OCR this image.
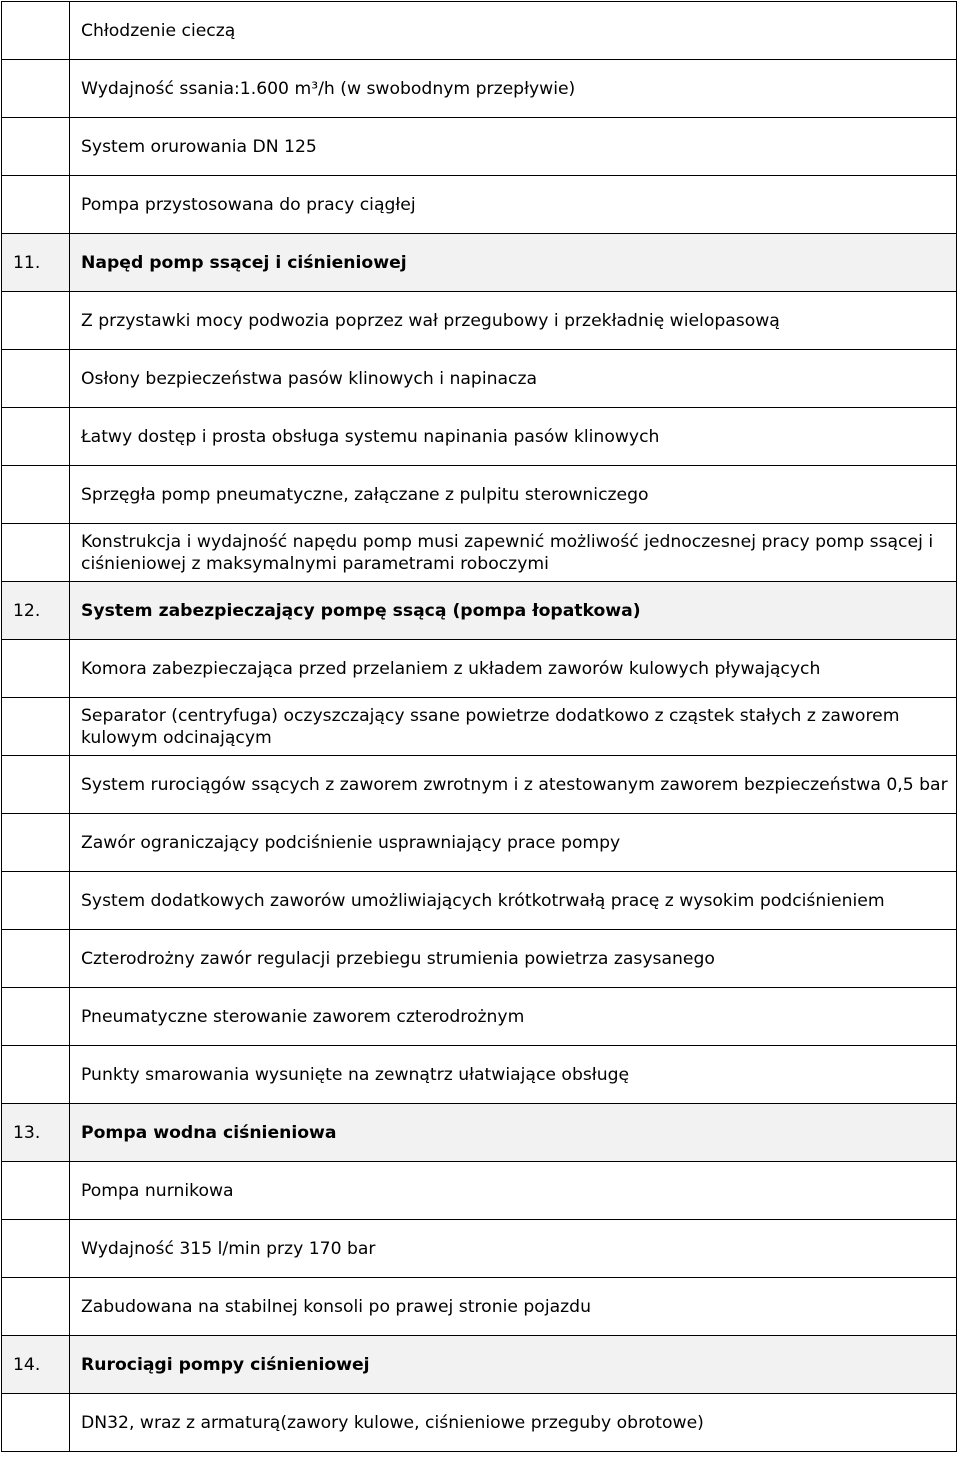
	Chłodzenie cieczą
	Wydajność ssania:1.600 m³/h (w swobodnym przepływie)
	System orurowania DN 125
	Pompa przystosowana do pracy ciągłej
11.	Napęd pomp ssącej i ciśnieniowej
	Z przystawki mocy podwozia poprzez wał przegubowy i przekładnię wielopasową
	Osłony bezpieczeństwa pasów klinowych i napinacza
	Łatwy dostęp i prosta obsługa systemu napinania pasów klinowych
	Sprzęgła pomp pneumatyczne, załączane z pulpitu sterowniczego
	Konstrukcja i wydajność napędu pomp musi zapewnić możliwość jednoczesnej pracy pomp ssącej i ciśnieniowej z maksymalnymi parametrami roboczymi
12.	System zabezpieczający pompę ssącą (pompa łopatkowa)
	Komora zabezpieczająca przed przelaniem z układem zaworów kulowych pływających
	Separator (centryfuga) oczyszczający ssane powietrze dodatkowo z cząstek stałych z zaworem kulowym odcinającym
	System rurociągów ssących z zaworem zwrotnym i z atestowanym zaworem bezpieczeństwa 0,5 bar
	Zawór ograniczający podciśnienie usprawniający prace pompy
	System dodatkowych zaworów umożliwiających krótkotrwałą pracę z wysokim podciśnieniem
	Czterodrożny zawór regulacji przebiegu strumienia powietrza zasysanego
	Pneumatyczne sterowanie zaworem czterodrożnym
	Punkty smarowania wysunięte na zewnątrz ułatwiające obsługę
13.	Pompa wodna ciśnieniowa
	Pompa nurnikowa
	Wydajność 315 l/min przy 170 bar
	Zabudowana na stabilnej konsoli po prawej stronie pojazdu
14.	Rurociągi pompy ciśnieniowej
	DN32, wraz z armaturą(zawory kulowe, ciśnieniowe przeguby obrotowe)
